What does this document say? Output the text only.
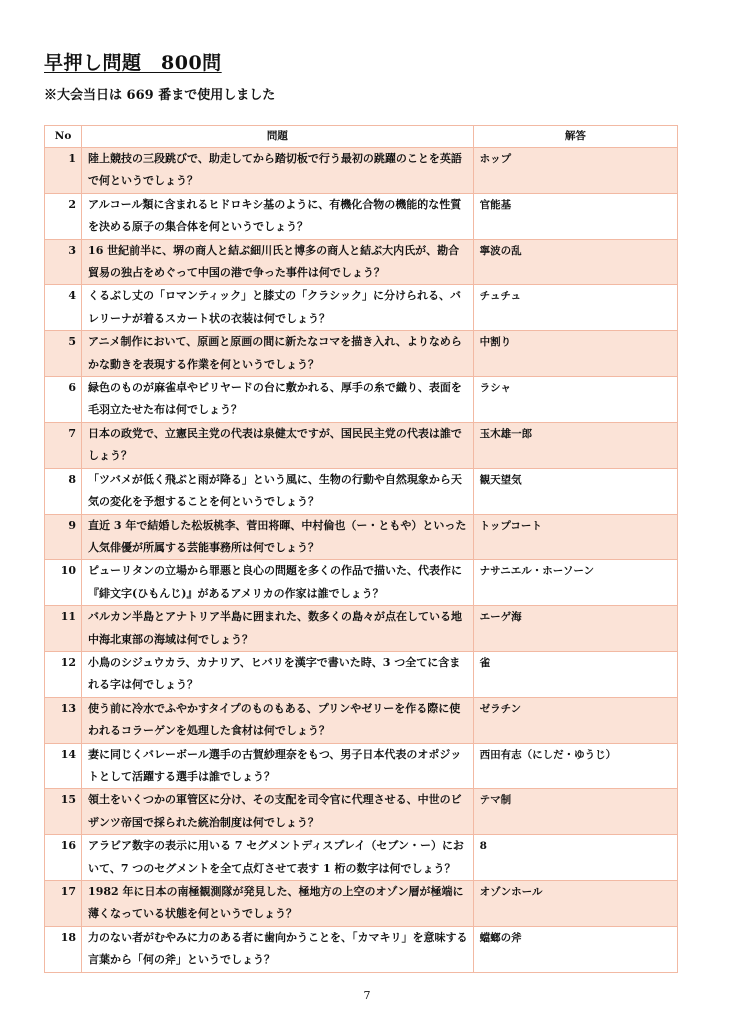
早押し問題　800問
※大会当日は 669 番まで使用しました
No	問題	解答
1	陸上競技の三段跳びで、助走してから踏切板で行う最初の跳躍のことを英語で何というでしょう？	ホップ
2	アルコール類に含まれるヒドロキシ基のように、有機化合物の機能的な性質を決める原子の集合体を何というでしょう？	官能基
3	16 世紀前半に、堺の商人と結ぶ細川氏と博多の商人と結ぶ大内氏が、勘合貿易の独占をめぐって中国の港で争った事件は何でしょう？	寧波の乱
4	くるぶし丈の「ロマンティック」と膝丈の「クラシック」に分けられる、バレリーナが着るスカート状の衣装は何でしょう？	チュチュ
5	アニメ制作において、原画と原画の間に新たなコマを描き入れ、よりなめらかな動きを表現する作業を何というでしょう？	中割り
6	緑色のものが麻雀卓やビリヤードの台に敷かれる、厚手の糸で織り、表面を毛羽立たせた布は何でしょう？	ラシャ
7	日本の政党で、立憲民主党の代表は泉健太ですが、国民民主党の代表は誰でしょう？	玉木雄一郎
8	「ツバメが低く飛ぶと雨が降る」という風に、生物の行動や自然現象から天気の変化を予想することを何というでしょう？	観天望気
9	直近 3 年で結婚した松坂桃李、菅田将暉、中村倫也（ー・ともや）といった人気俳優が所属する芸能事務所は何でしょう？	トップコート
10	ピューリタンの立場から罪悪と良心の問題を多くの作品で描いた、代表作に『緋文字(ひもんじ)』があるアメリカの作家は誰でしょう？	ナサニエル・ホーソーン
11	バルカン半島とアナトリア半島に囲まれた、数多くの島々が点在している地中海北東部の海域は何でしょう？	エーゲ海
12	小鳥のシジュウカラ、カナリア、ヒバリを漢字で書いた時、3 つ全てに含まれる字は何でしょう？	雀
13	使う前に冷水でふやかすタイプのものもある、プリンやゼリーを作る際に使われるコラーゲンを処理した食材は何でしょう？	ゼラチン
14	妻に同じくバレーボール選手の古賀紗理奈をもつ、男子日本代表のオポジットとして活躍する選手は誰でしょう？	西田有志（にしだ・ゆうじ）
15	領土をいくつかの軍管区に分け、その支配を司令官に代理させる、中世のビザンツ帝国で採られた統治制度は何でしょう？	テマ制
16	アラビア数字の表示に用いる 7 セグメントディスプレイ（セブン・ー）において、7 つのセグメントを全て点灯させて表す 1 桁の数字は何でしょう？	8
17	1982 年に日本の南極観測隊が発見した、極地方の上空のオゾン層が極端に薄くなっている状態を何というでしょう？	オゾンホール
18	力のない者がむやみに力のある者に歯向かうことを、「カマキリ」を意味する言葉から「何の斧」というでしょう？	蟷螂の斧
7
